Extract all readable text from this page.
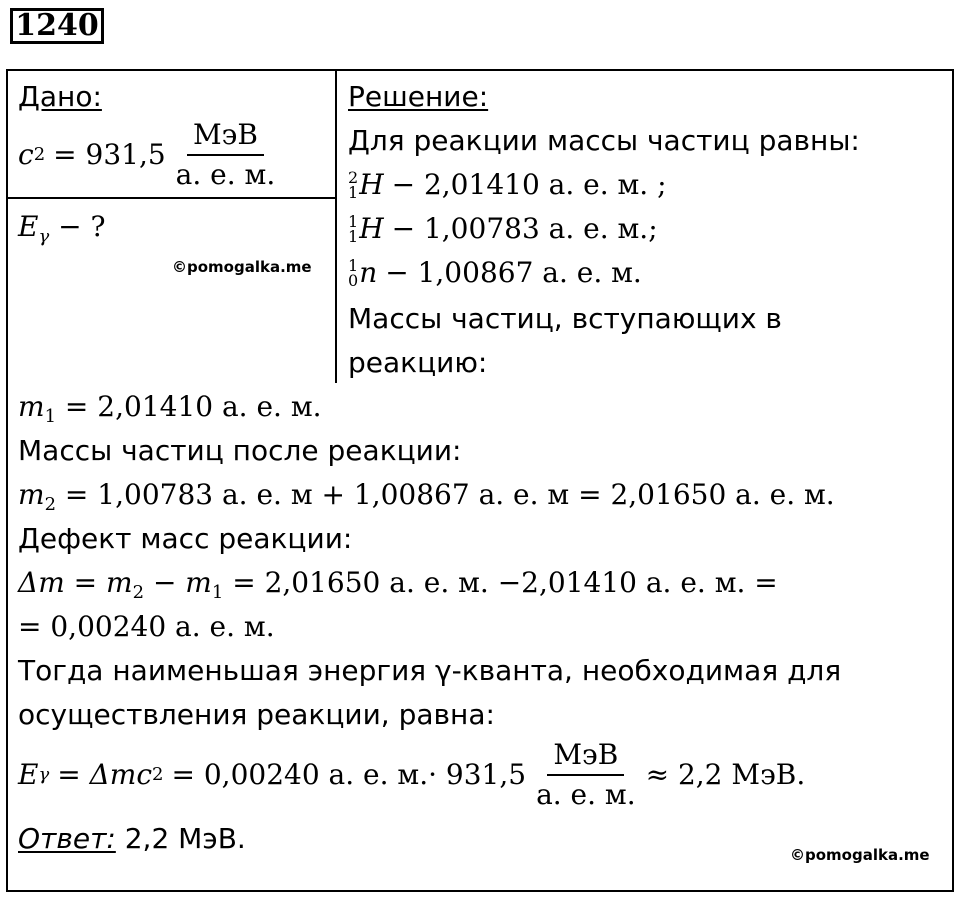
1240
Дано:
c $2 = 931,5 \frac{\text{МэВ}}{а. е. м.}$
$E_\gamma$ − ?
©pomogalka.me
Решение:
Для реакции массы частиц равны:
2
1 H − 2,01410 а. е. м. ;
1
1 H − 1,00783 а. е. м.;
1
0 n − 1,00867 а. е. м.
Массы частиц, вступающих в
реакцию:
$m_1 = 2,01410$ а. е. м.
Массы частиц после реакции:
$m_2 = 1,00783$ а. е. м + 1,00867 а. е. м = 2,01650 а. е. м.
Дефект масс реакции:
$\Delta m = m_2 - m_1 = 2,01650$ а. е. м. −2,01410 а. е. м. =
= 0,00240 а. е. м.
Тогда наименьшая энергия γ-кванта, необходимая для
осуществления реакции, равна:
E γ = Δmc 2 = 0,00240 а. е. $м.\cdot 931,5 \frac{\text{МэВ}}{а. е. м.} \approx 2,2$ МэВ.
Ответ: 2,2 МэВ.	©pomogalka.me
